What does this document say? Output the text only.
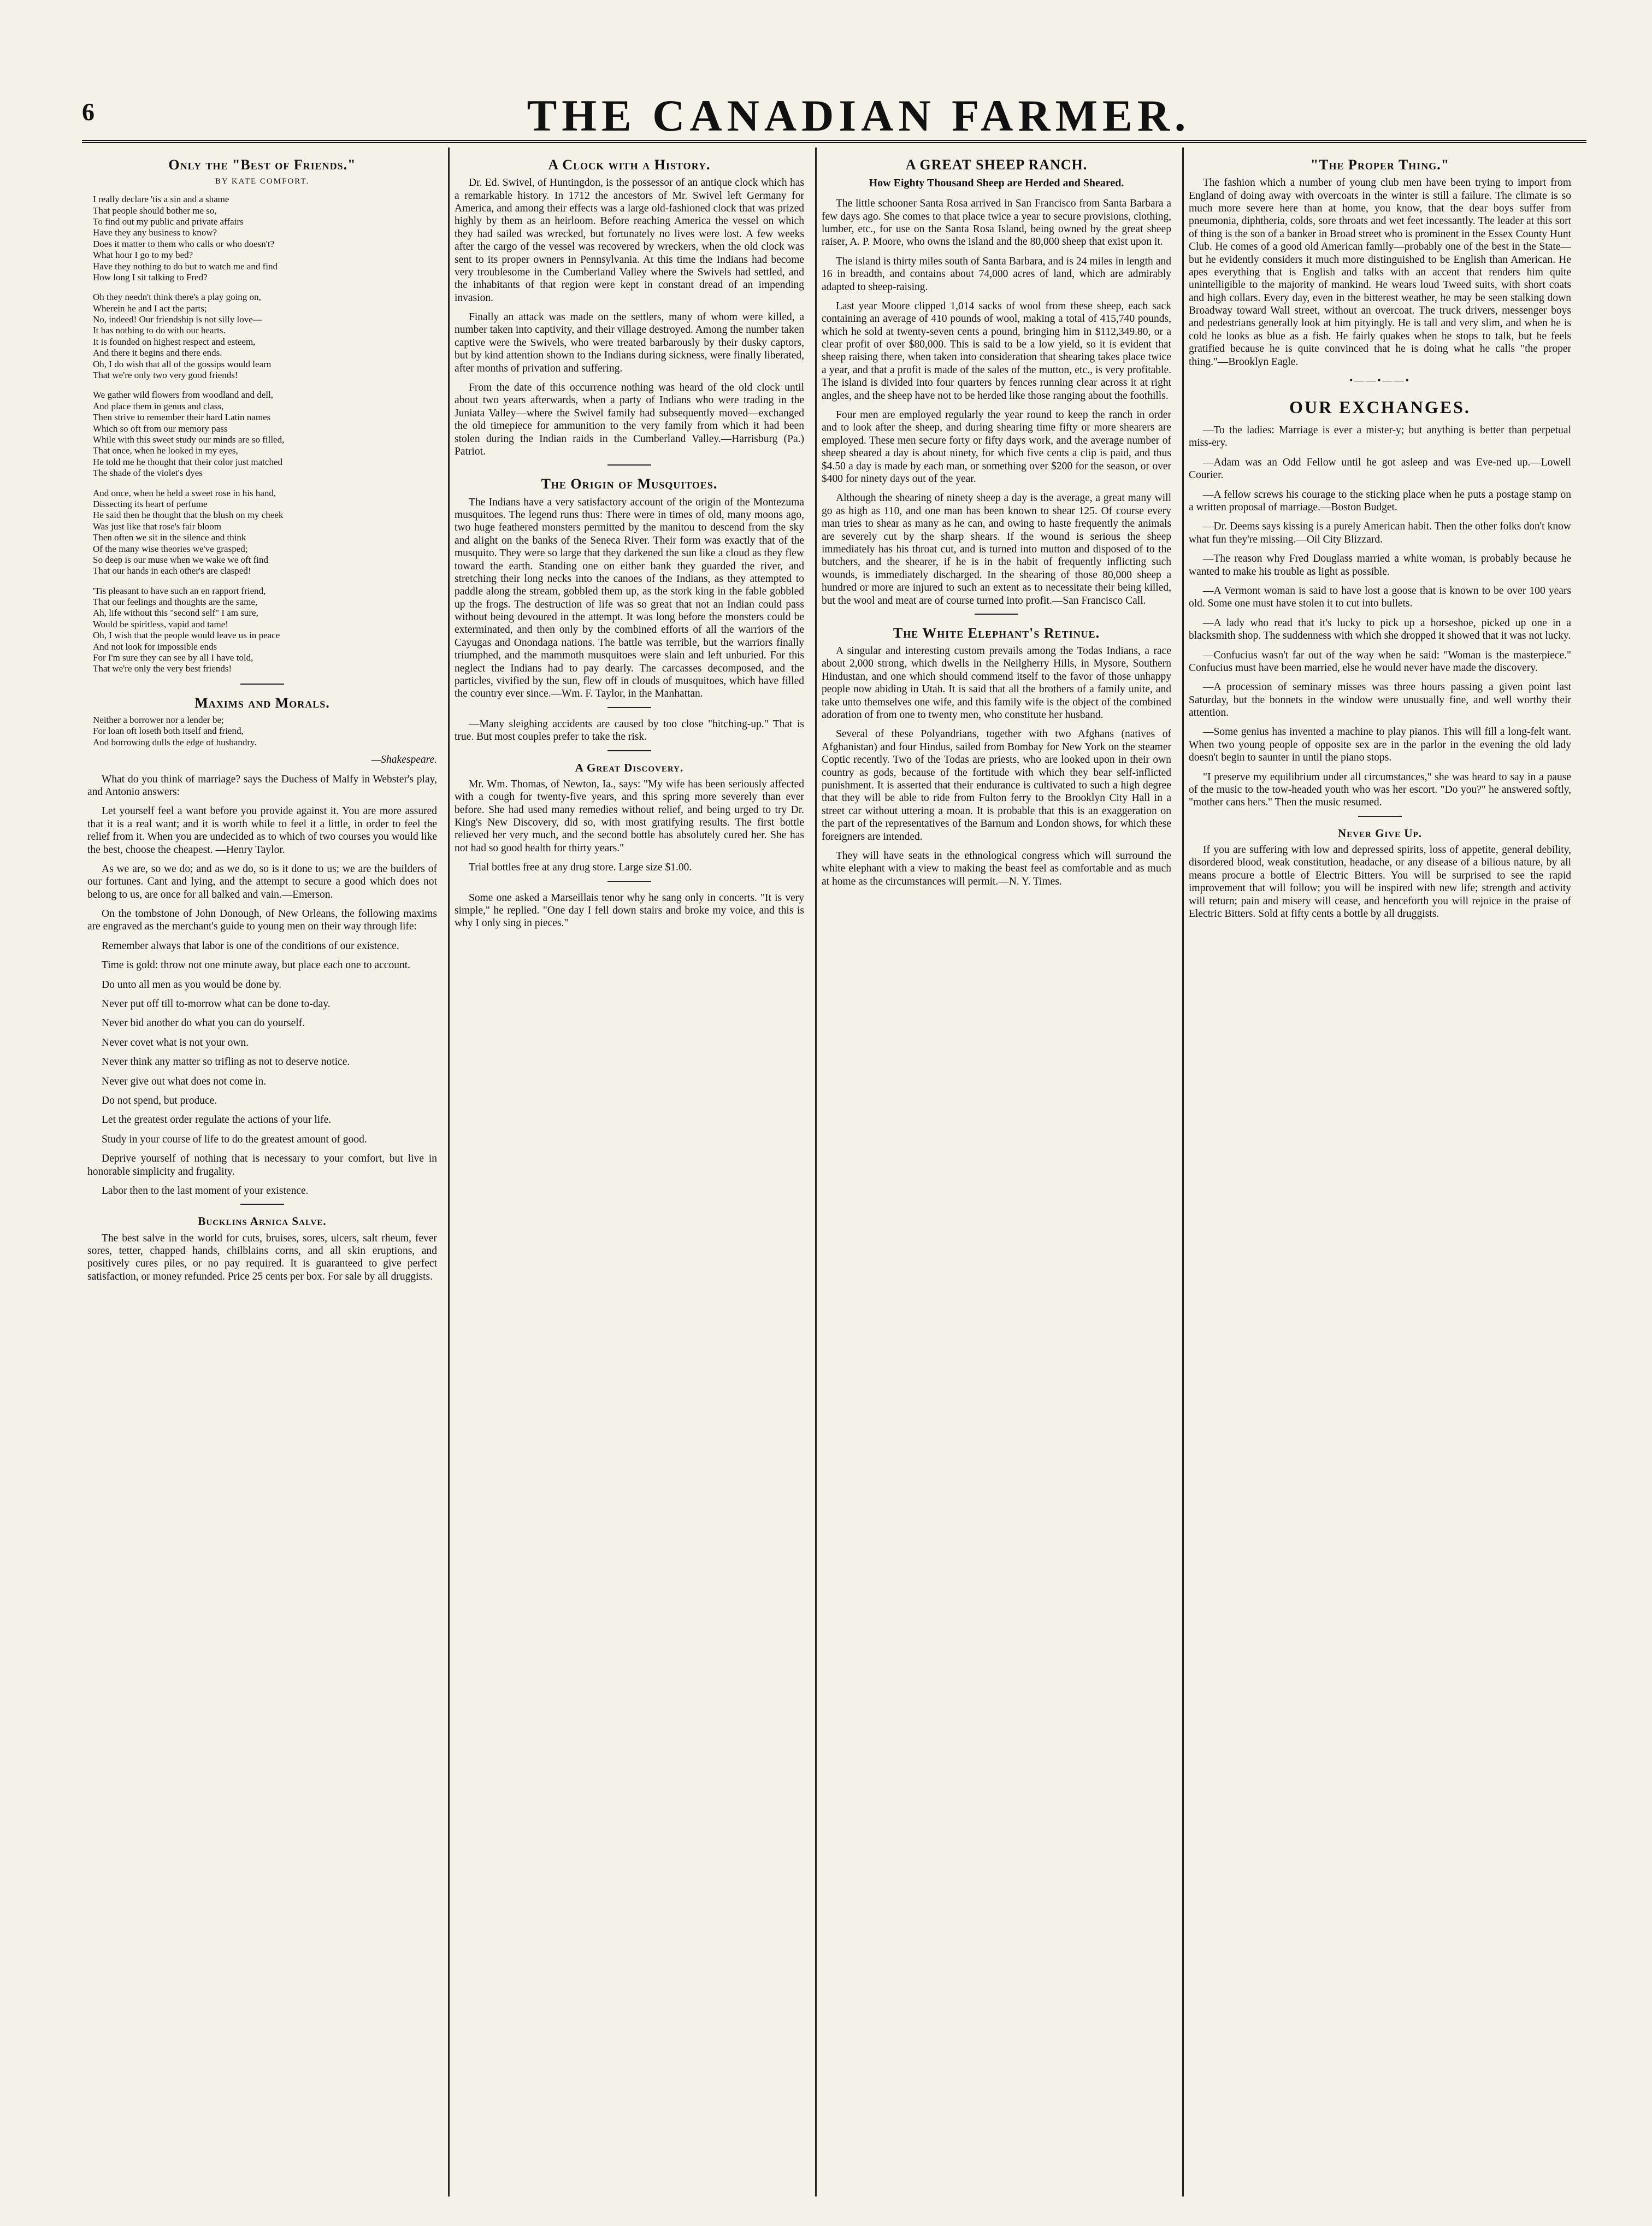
6	THE CANADIAN FARMER.
Only the "Best of Friends."
BY KATE COMFORT.
I really declare 'tis a sin and a shame
That people should bother me so,
To find out my public and private affairs
Have they any business to know?
Does it matter to them who calls or who doesn't?
What hour I go to my bed?
Have they nothing to do but to watch me and find
How long I sit talking to Fred?
Oh they needn't think there's a play going on,
Wherein he and I act the parts;
No, indeed! Our friendship is not silly love—
It has nothing to do with our hearts.
It is founded on highest respect and esteem,
And there it begins and there ends.
Oh, I do wish that all of the gossips would learn
That we're only two very good friends!
We gather wild flowers from woodland and dell,
And place them in genus and class,
Then strive to remember their hard Latin names
Which so oft from our memory pass
While with this sweet study our minds are so filled,
That once, when he looked in my eyes,
He told me he thought that their color just matched
The shade of the violet's dyes
And once, when he held a sweet rose in his hand,
Dissecting its heart of perfume
He said then he thought that the blush on my cheek
Was just like that rose's fair bloom
Then often we sit in the silence and think
Of the many wise theories we've grasped;
So deep is our muse when we wake we oft find
That our hands in each other's are clasped!
'Tis pleasant to have such an en rapport friend,
That our feelings and thoughts are the same,
Ah, life without this "second self" I am sure,
Would be spiritless, vapid and tame!
Oh, I wish that the people would leave us in peace
And not look for impossible ends
For I'm sure they can see by all I have told,
That we're only the very best friends!
Maxims and Morals.
Neither a borrower nor a lender be;
For loan oft loseth both itself and friend,
And borrowing dulls the edge of husbandry.
—Shakespeare.

What do you think of marriage? says the Duchess of Malfy in Webster's play, and Antonio answers:

Let yourself feel a want before you provide against it. You are more assured that it is a real want; and it is worth while to feel it a little, in order to feel the relief from it. When you are undecided as to which of two courses you would like the best, choose the cheapest. —Henry Taylor.

As we are, so we do; and as we do, so is it done to us; we are the builders of our fortunes. Cant and lying, and the attempt to secure a good which does not belong to us, are once for all balked and vain.—Emerson.

On the tombstone of John Donough, of New Orleans, the following maxims are engraved as the merchant's guide to young men on their way through life:

Remember always that labor is one of the conditions of our existence.

Time is gold: throw not one minute away, but place each one to account.

Do unto all men as you would be done by.

Never put off till to-morrow what can be done to-day.

Never bid another do what you can do yourself.

Never covet what is not your own.

Never think any matter so trifling as not to deserve notice.

Never give out what does not come in.

Do not spend, but produce.

Let the greatest order regulate the actions of your life.

Study in your course of life to do the greatest amount of good.

Deprive yourself of nothing that is necessary to your comfort, but live in honorable simplicity and frugality.

Labor then to the last moment of your existence.

Bucklins Arnica Salve.

The best salve in the world for cuts, bruises, sores, ulcers, salt rheum, fever sores, tetter, chapped hands, chilblains corns, and all skin eruptions, and positively cures piles, or no pay required. It is guaranteed to give perfect satisfaction, or money refunded. Price 25 cents per box. For sale by all druggists.

A Clock with a History.

Dr. Ed. Swivel, of Huntingdon, is the possessor of an antique clock which has a remarkable history. In 1712 the ancestors of Mr. Swivel left Germany for America, and among their effects was a large old-fashioned clock that was prized highly by them as an heirloom. Before reaching America the vessel on which they had sailed was wrecked, but fortunately no lives were lost. A few weeks after the cargo of the vessel was recovered by wreckers, when the old clock was sent to its proper owners in Pennsylvania. At this time the Indians had become very troublesome in the Cumberland Valley where the Swivels had settled, and the inhabitants of that region were kept in constant dread of an impending invasion.

Finally an attack was made on the settlers, many of whom were killed, a number taken into captivity, and their village destroyed. Among the number taken captive were the Swivels, who were treated barbarously by their dusky captors, but by kind attention shown to the Indians during sickness, were finally liberated, after months of privation and suffering.

From the date of this occurrence nothing was heard of the old clock until about two years afterwards, when a party of Indians who were trading in the Juniata Valley—where the Swivel family had subsequently moved—exchanged the old timepiece for ammunition to the very family from which it had been stolen during the Indian raids in the Cumberland Valley.—Harrisburg (Pa.) Patriot.

The Origin of Musquitoes.

The Indians have a very satisfactory account of the origin of the Montezuma musquitoes. The legend runs thus: There were in times of old, many moons ago, two huge feathered monsters permitted by the manitou to descend from the sky and alight on the banks of the Seneca River. Their form was exactly that of the musquito. They were so large that they darkened the sun like a cloud as they flew toward the earth. Standing one on either bank they guarded the river, and stretching their long necks into the canoes of the Indians, as they attempted to paddle along the stream, gobbled them up, as the stork king in the fable gobbled up the frogs. The destruction of life was so great that not an Indian could pass without being devoured in the attempt. It was long before the monsters could be exterminated, and then only by the combined efforts of all the warriors of the Cayugas and Onondaga nations. The battle was terrible, but the warriors finally triumphed, and the mammoth musquitoes were slain and left unburied. For this neglect the Indians had to pay dearly. The carcasses decomposed, and the particles, vivified by the sun, flew off in clouds of musquitoes, which have filled the country ever since.—Wm. F. Taylor, in the Manhattan.

—Many sleighing accidents are caused by too close "hitching-up." That is true. But most couples prefer to take the risk.

A Great Discovery.

Mr. Wm. Thomas, of Newton, Ia., says: "My wife has been seriously affected with a cough for twenty-five years, and this spring more severely than ever before. She had used many remedies without relief, and being urged to try Dr. King's New Discovery, did so, with most gratifying results. The first bottle relieved her very much, and the second bottle has absolutely cured her. She has not had so good health for thirty years."

Trial bottles free at any drug store. Large size $1.00.

Some one asked a Marseillais tenor why he sang only in concerts. "It is very simple," he replied. "One day I fell down stairs and broke my voice, and this is why I only sing in pieces."

A GREAT SHEEP RANCH.
How Eighty Thousand Sheep are Herded and Sheared.

The little schooner Santa Rosa arrived in San Francisco from Santa Barbara a few days ago. She comes to that place twice a year to secure provisions, clothing, lumber, etc., for use on the Santa Rosa Island, being owned by the great sheep raiser, A. P. Moore, who owns the island and the 80,000 sheep that exist upon it.

The island is thirty miles south of Santa Barbara, and is 24 miles in length and 16 in breadth, and contains about 74,000 acres of land, which are admirably adapted to sheep-raising.

Last year Moore clipped 1,014 sacks of wool from these sheep, each sack containing an average of 410 pounds of wool, making a total of 415,740 pounds, which he sold at twenty-seven cents a pound, bringing him in $112,349.80, or a clear profit of over $80,000. This is said to be a low yield, so it is evident that sheep raising there, when taken into consideration that shearing takes place twice a year, and that a profit is made of the sales of the mutton, etc., is very profitable. The island is divided into four quarters by fences running clear across it at right angles, and the sheep have not to be herded like those ranging about the foothills.

Four men are employed regularly the year round to keep the ranch in order and to look after the sheep, and during shearing time fifty or more shearers are employed. These men secure forty or fifty days work, and the average number of sheep sheared a day is about ninety, for which five cents a clip is paid, and thus $4.50 a day is made by each man, or something over $200 for the season, or over $400 for ninety days out of the year.

Although the shearing of ninety sheep a day is the average, a great many will go as high as 110, and one man has been known to shear 125. Of course every man tries to shear as many as he can, and owing to haste frequently the animals are severely cut by the sharp shears. If the wound is serious the sheep immediately has his throat cut, and is turned into mutton and disposed of to the butchers, and the shearer, if he is in the habit of frequently inflicting such wounds, is immediately discharged. In the shearing of those 80,000 sheep a hundred or more are injured to such an extent as to necessitate their being killed, but the wool and meat are of course turned into profit.—San Francisco Call.

The White Elephant's Retinue.

A singular and interesting custom prevails among the Todas Indians, a race about 2,000 strong, which dwells in the Neilgherry Hills, in Mysore, Southern Hindustan, and one which should commend itself to the favor of those unhappy people now abiding in Utah. It is said that all the brothers of a family unite, and take unto themselves one wife, and this family wife is the object of the combined adoration of from one to twenty men, who constitute her husband.

Several of these Polyandrians, together with two Afghans (natives of Afghanistan) and four Hindus, sailed from Bombay for New York on the steamer Coptic recently. Two of the Todas are priests, who are looked upon in their own country as gods, because of the fortitude with which they bear self-inflicted punishment. It is asserted that their endurance is cultivated to such a high degree that they will be able to ride from Fulton ferry to the Brooklyn City Hall in a street car without uttering a moan. It is probable that this is an exaggeration on the part of the representatives of the Barnum and London shows, for which these foreigners are intended.

They will have seats in the ethnological congress which will surround the white elephant with a view to making the beast feel as comfortable and as much at home as the circumstances will permit.—N. Y. Times.

"The Proper Thing."

The fashion which a number of young club men have been trying to import from England of doing away with overcoats in the winter is still a failure. The climate is so much more severe here than at home, you know, that the dear boys suffer from pneumonia, diphtheria, colds, sore throats and wet feet incessantly. The leader at this sort of thing is the son of a banker in Broad street who is prominent in the Essex County Hunt Club. He comes of a good old American family—probably one of the best in the State—but he evidently considers it much more distinguished to be English than American. He apes everything that is English and talks with an accent that renders him quite unintelligible to the majority of mankind. He wears loud Tweed suits, with short coats and high collars. Every day, even in the bitterest weather, he may be seen stalking down Broadway toward Wall street, without an overcoat. The truck drivers, messenger boys and pedestrians generally look at him pityingly. He is tall and very slim, and when he is cold he looks as blue as a fish. He fairly quakes when he stops to talk, but he feels gratified because he is quite convinced that he is doing what he calls "the proper thing."—Brooklyn Eagle.

•——•——•
OUR EXCHANGES.

—To the ladies: Marriage is ever a mister-y; but anything is better than perpetual miss-ery.

—Adam was an Odd Fellow until he got asleep and was Eve-ned up.—Lowell Courier.

—A fellow screws his courage to the sticking place when he puts a postage stamp on a written proposal of marriage.—Boston Budget.

—Dr. Deems says kissing is a purely American habit. Then the other folks don't know what fun they're missing.—Oil City Blizzard.

—The reason why Fred Douglass married a white woman, is probably because he wanted to make his trouble as light as possible.

—A Vermont woman is said to have lost a goose that is known to be over 100 years old. Some one must have stolen it to cut into bullets.

—A lady who read that it's lucky to pick up a horseshoe, picked up one in a blacksmith shop. The suddenness with which she dropped it showed that it was not lucky.

—Confucius wasn't far out of the way when he said: "Woman is the masterpiece." Confucius must have been married, else he would never have made the discovery.

—A procession of seminary misses was three hours passing a given point last Saturday, but the bonnets in the window were unusually fine, and well worthy their attention.

—Some genius has invented a machine to play pianos. This will fill a long-felt want. When two young people of opposite sex are in the parlor in the evening the old lady doesn't begin to saunter in until the piano stops.

"I preserve my equilibrium under all circumstances," she was heard to say in a pause of the music to the tow-headed youth who was her escort. "Do you?" he answered softly, "mother cans hers." Then the music resumed.

Never Give Up.

If you are suffering with low and depressed spirits, loss of appetite, general debility, disordered blood, weak constitution, headache, or any disease of a bilious nature, by all means procure a bottle of Electric Bitters. You will be surprised to see the rapid improvement that will follow; you will be inspired with new life; strength and activity will return; pain and misery will cease, and henceforth you will rejoice in the praise of Electric Bitters. Sold at fifty cents a bottle by all druggists.
